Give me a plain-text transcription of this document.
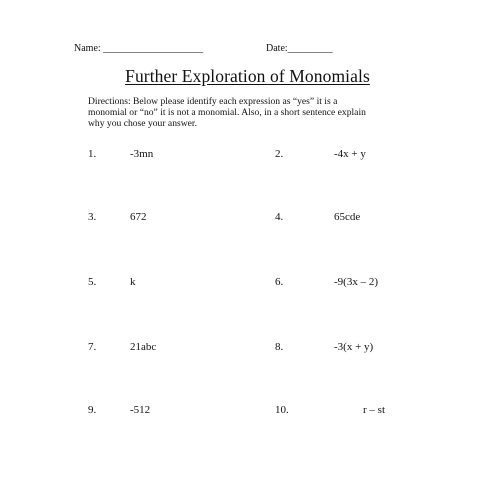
Name: ____________________	Date:_________
Further Exploration of Monomials
Directions: Below please identify each expression as “yes” it is a
monomial or “no” it is not a monomial. Also, in a short sentence explain
why you chose your answer.
1.	-3mn	2.	-4x + y
3.	672	4.	65cde
5.	k	6.	-9(3x – 2)
7.	21abc	8.	-3(x + y)
9.	-512	10.	r – st
